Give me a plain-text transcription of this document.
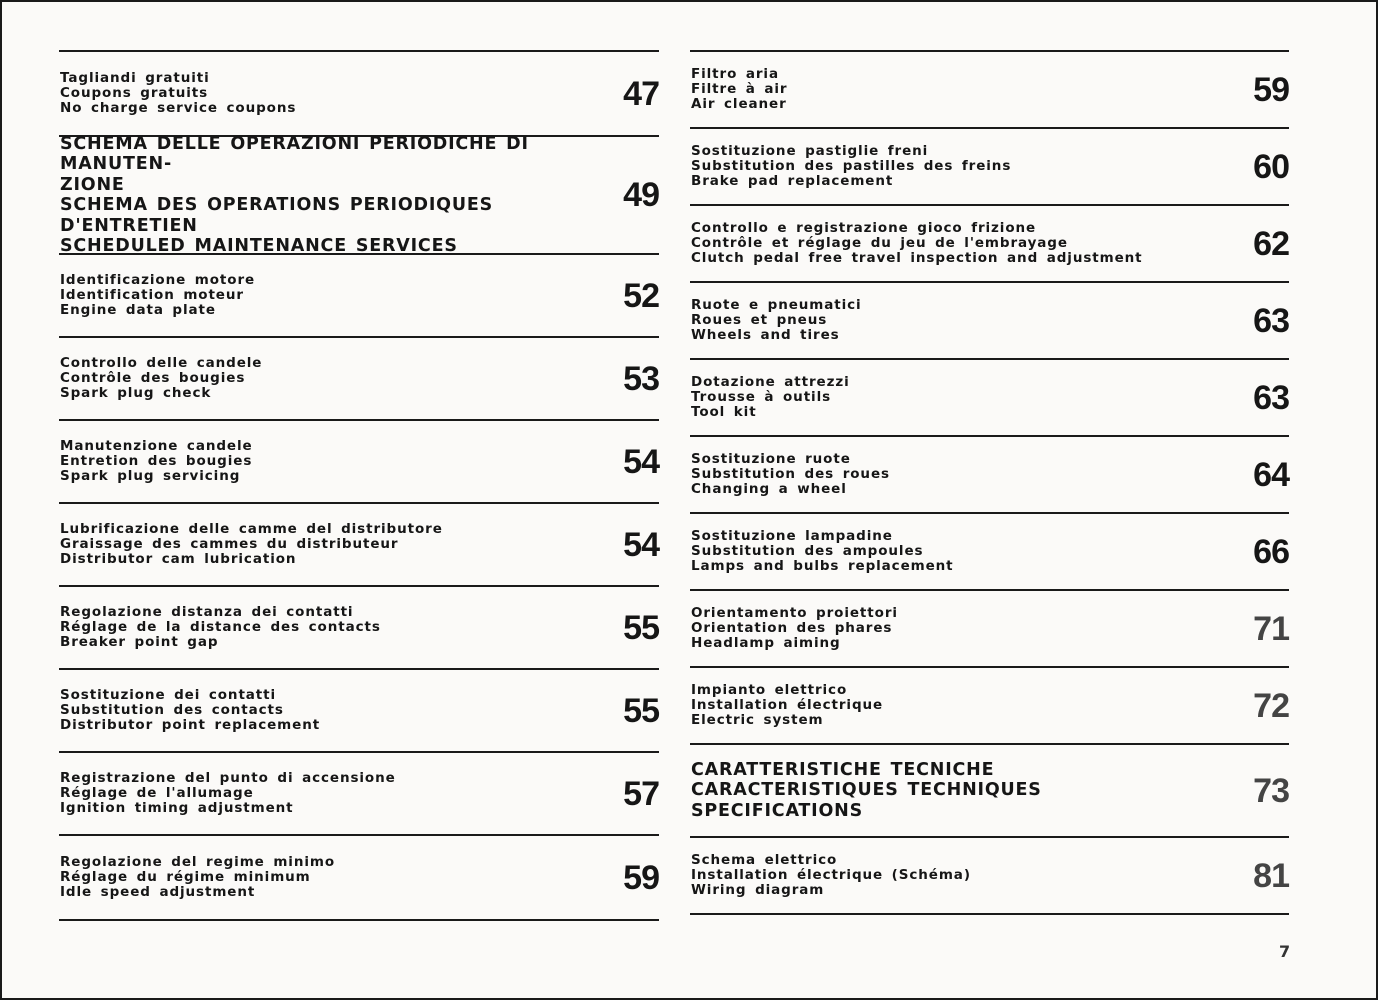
Tagliandi gratuiti
Coupons gratuits
No charge service coupons	47
SCHEMA DELLE OPERAZIONI PERIODICHE DI MANUTEN-
ZIONE
SCHEMA DES OPERATIONS PERIODIQUES D'ENTRETIEN
SCHEDULED MAINTENANCE SERVICES
49
Identificazione motore
Identification moteur
Engine data plate	52
Controllo delle candele
Contrôle des bougies
Spark plug check	53
Manutenzione candele
Entretion des bougies
Spark plug servicing	54
Lubrificazione delle camme del distributore
Graissage des cammes du distributeur
Distributor cam lubrication	54
Regolazione distanza dei contatti
Réglage de la distance des contacts
Breaker point gap	55
Sostituzione dei contatti
Substitution des contacts
Distributor point replacement	55
Registrazione del punto di accensione
Réglage de l'allumage
Ignition timing adjustment	57
Regolazione del regime minimo
Réglage du régime minimum
Idle speed adjustment	59
Filtro aria
Filtre à air
Air cleaner	59
Sostituzione pastiglie freni
Substitution des pastilles des freins
Brake pad replacement	60
Controllo e registrazione gioco frizione
Contrôle et réglage du jeu de l'embrayage
Clutch pedal free travel inspection and adjustment	62
Ruote e pneumatici
Roues et pneus
Wheels and tires	63
Dotazione attrezzi
Trousse à outils
Tool kit	63
Sostituzione ruote
Substitution des roues
Changing a wheel	64
Sostituzione lampadine
Substitution des ampoules
Lamps and bulbs replacement	66
Orientamento proiettori
Orientation des phares
Headlamp aiming	71
Impianto elettrico
Installation électrique
Electric system	72
CARATTERISTICHE TECNICHE
CARACTERISTIQUES TECHNIQUES
SPECIFICATIONS
73
Schema elettrico
Installation électrique (Schéma)
Wiring diagram	81
7
